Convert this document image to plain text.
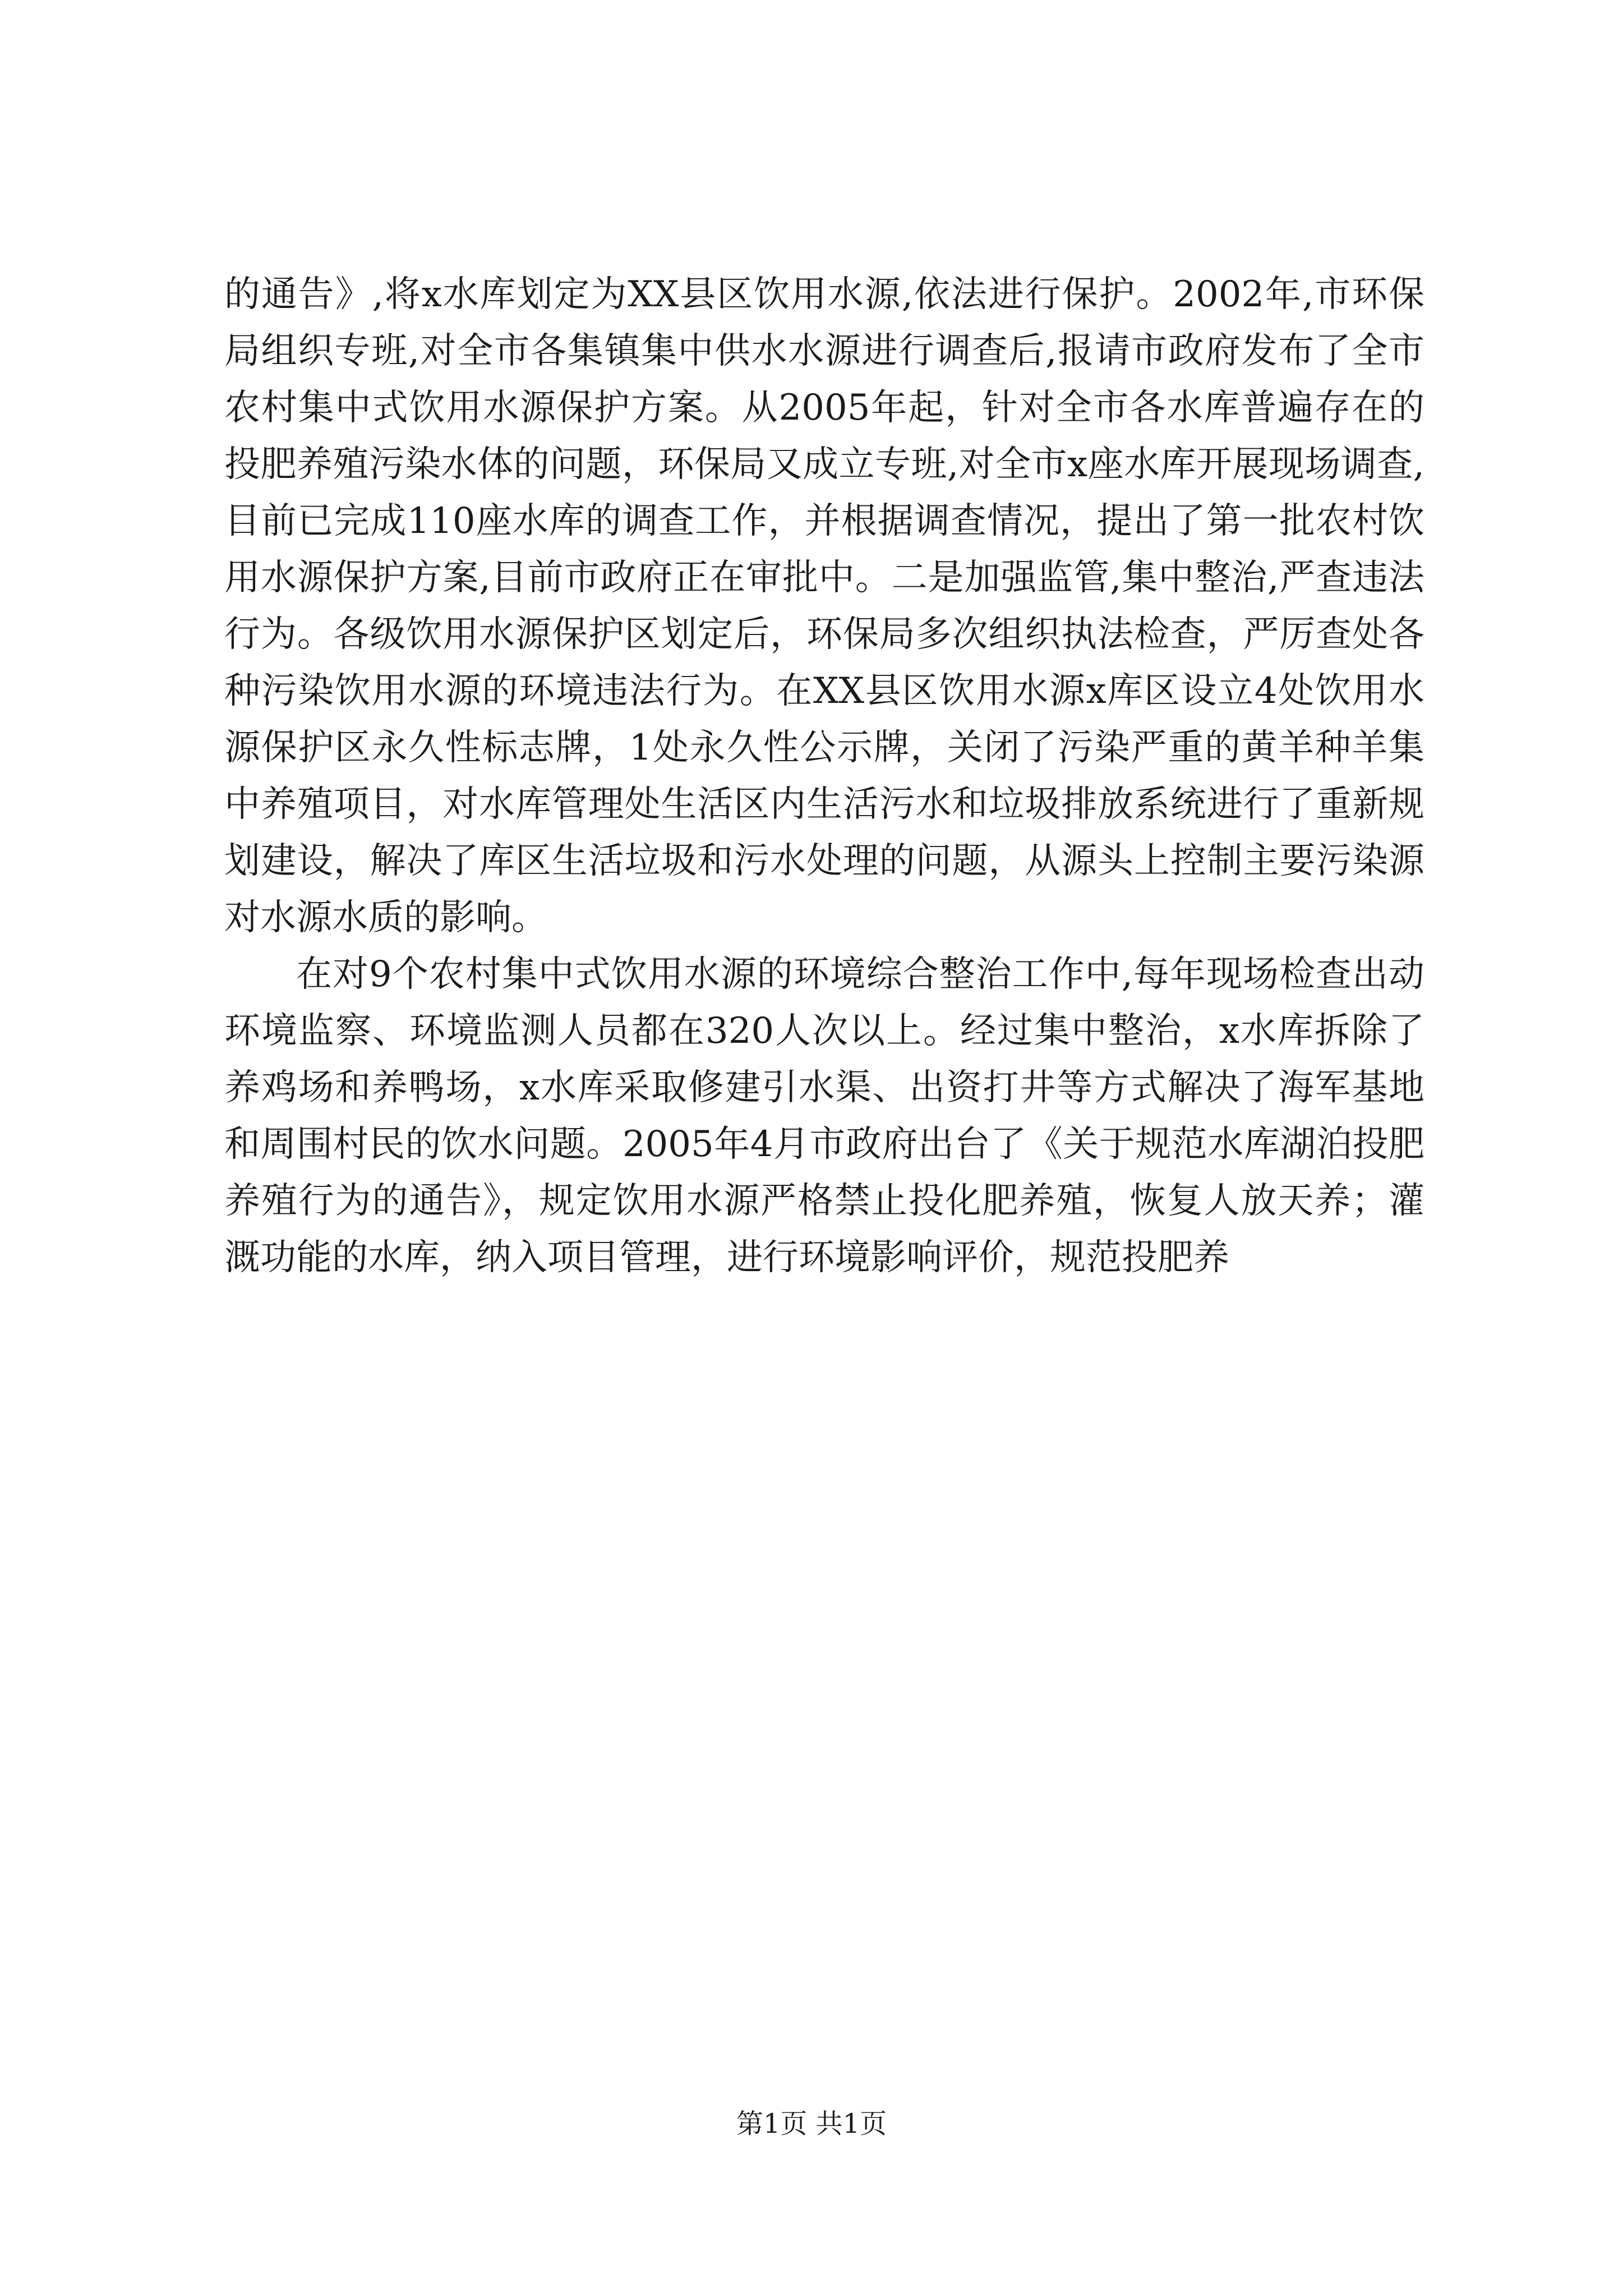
的通告》,将x水库划定为XX县区饮用水源,依法进行保护。2002年,市环保局组织专班,对全市各集镇集中供水水源进行调查后,报请市政府发布了全市农村集中式饮用水源保护方案。从2005年起，针对全市各水库普遍存在的投肥养殖污染水体的问题，环保局又成立专班,对全市x座水库开展现场调查,目前已完成110座水库的调查工作，并根据调查情况，提出了第一批农村饮用水源保护方案,目前市政府正在审批中。二是加强监管,集中整治,严查违法行为。各级饮用水源保护区划定后，环保局多次组织执法检查，严厉查处各种污染饮用水源的环境违法行为。在XX县区饮用水源x库区设立4处饮用水源保护区永久性标志牌，1处永久性公示牌，关闭了污染严重的黄羊种羊集中养殖项目，对水库管理处生活区内生活污水和垃圾排放系统进行了重新规划建设，解决了库区生活垃圾和污水处理的问题，从源头上控制主要污染源对水源水质的影响。

在对9个农村集中式饮用水源的环境综合整治工作中,每年现场检查出动环境监察、环境监测人员都在320人次以上。经过集中整治，x水库拆除了养鸡场和养鸭场，x水库采取修建引水渠、出资打井等方式解决了海军基地和周围村民的饮水问题。2005年4月市政府出台了《关于规范水库湖泊投肥养殖行为的通告》，规定饮用水源严格禁止投化肥养殖，恢复人放天养；灌溉功能的水库，纳入项目管理，进行环境影响评价，规范投肥养

第1页 共1页
